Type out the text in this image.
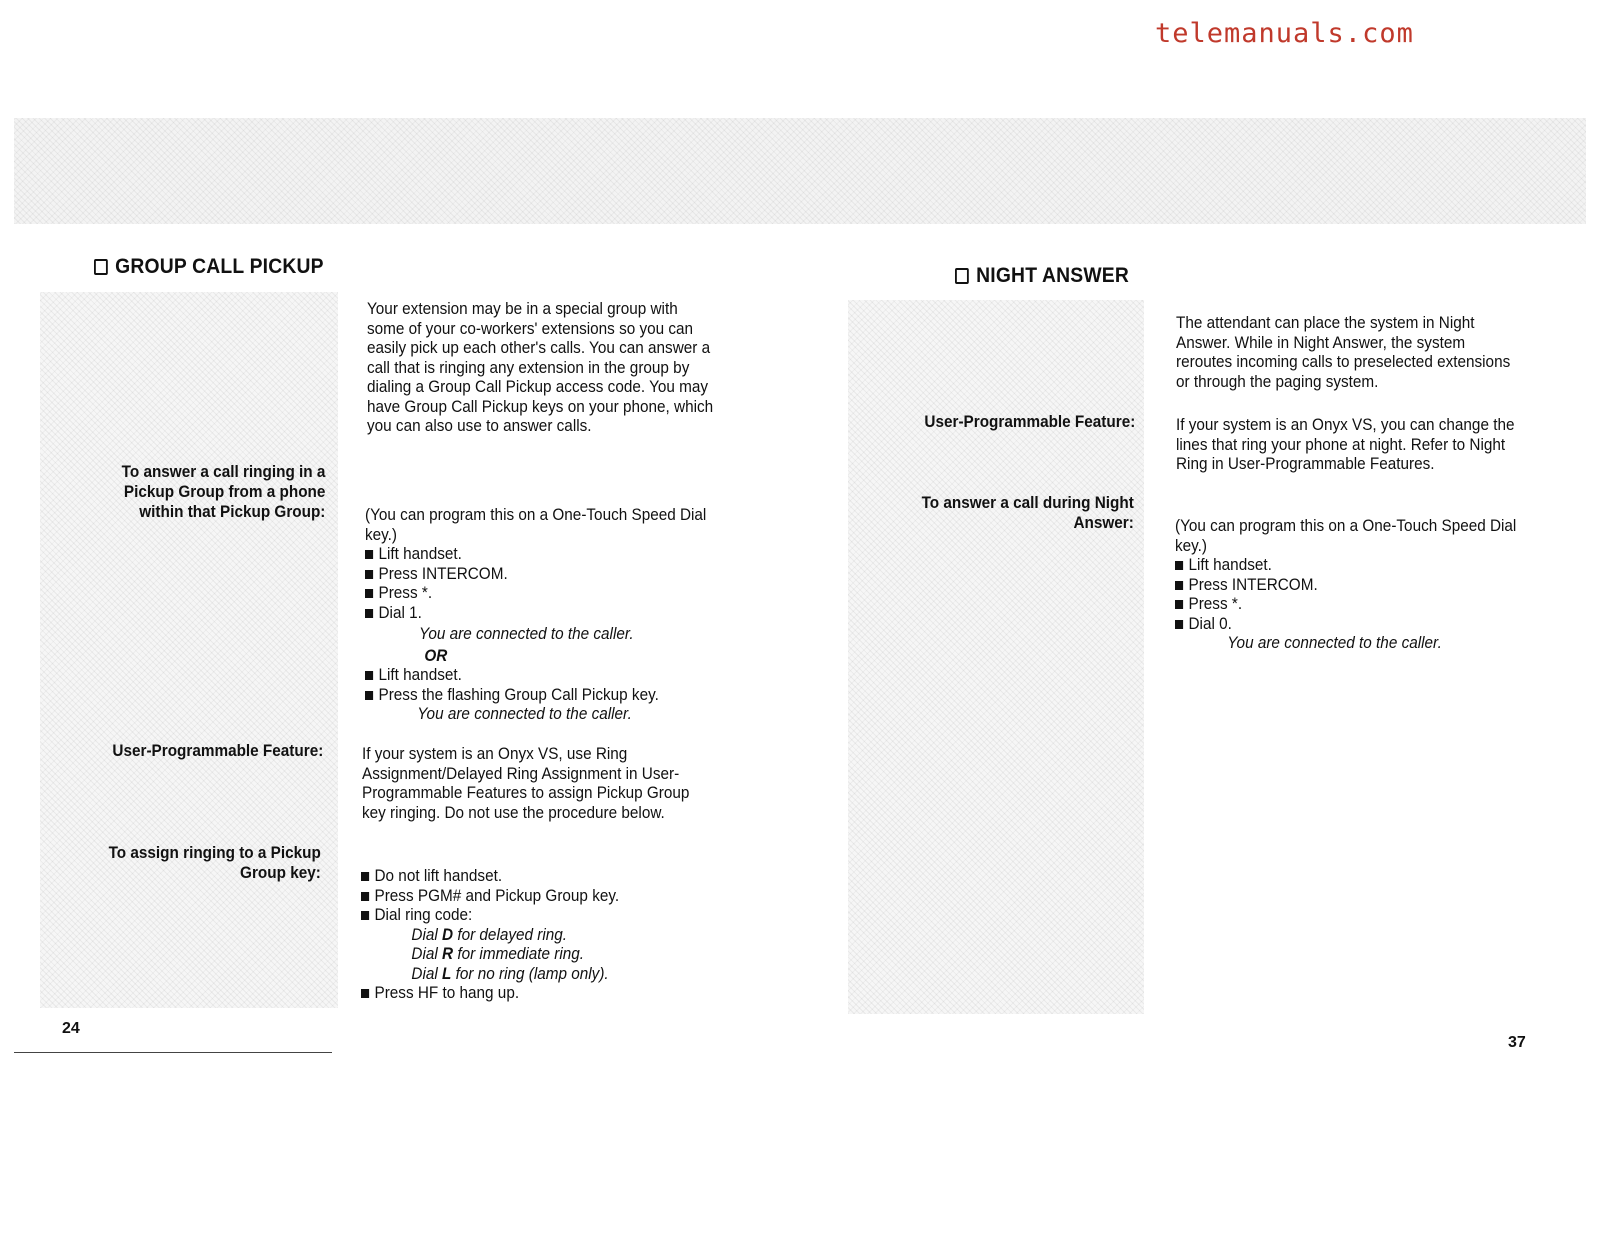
telemanuals.com
GROUP CALL PICKUP
Your extension may be in a special group with
some of your co-workers' extensions so you can
easily pick up each other's calls. You can answer a
call that is ringing any extension in the group by
dialing a Group Call Pickup access code. You may
have Group Call Pickup keys on your phone, which
you can also use to answer calls.
To answer a call ringing in a
Pickup Group from a phone
within that Pickup Group: (You can program this on a One-Touch Speed Dial
key.)
Lift handset.
Press INTERCOM.
Press *.
Dial 1.
You are connected to the caller.
OR
Lift handset.
Press the flashing Group Call Pickup key.
You are connected to the caller.
User-Programmable Feature: If your system is an Onyx VS, use Ring
Assignment/Delayed Ring Assignment in User-
Programmable Features to assign Pickup Group
key ringing. Do not use the procedure below.
To assign ringing to a Pickup
Group key:	Do not lift handset.
Press PGM# and Pickup Group key.
Dial ring code:
Dial D for delayed ring.
Dial R for immediate ring.
Dial L for no ring (lamp only).
Press HF to hang up.
24
NIGHT ANSWER
The attendant can place the system in Night
Answer. While in Night Answer, the system
reroutes incoming calls to preselected extensions
or through the paging system.
User-Programmable Feature: If your system is an Onyx VS, you can change the
lines that ring your phone at night. Refer to Night
Ring in User-Programmable Features.
To answer a call during Night
Answer: (You can program this on a One-Touch Speed Dial
key.)
Lift handset.
Press INTERCOM.
Press *.
Dial 0.
You are connected to the caller.
37
